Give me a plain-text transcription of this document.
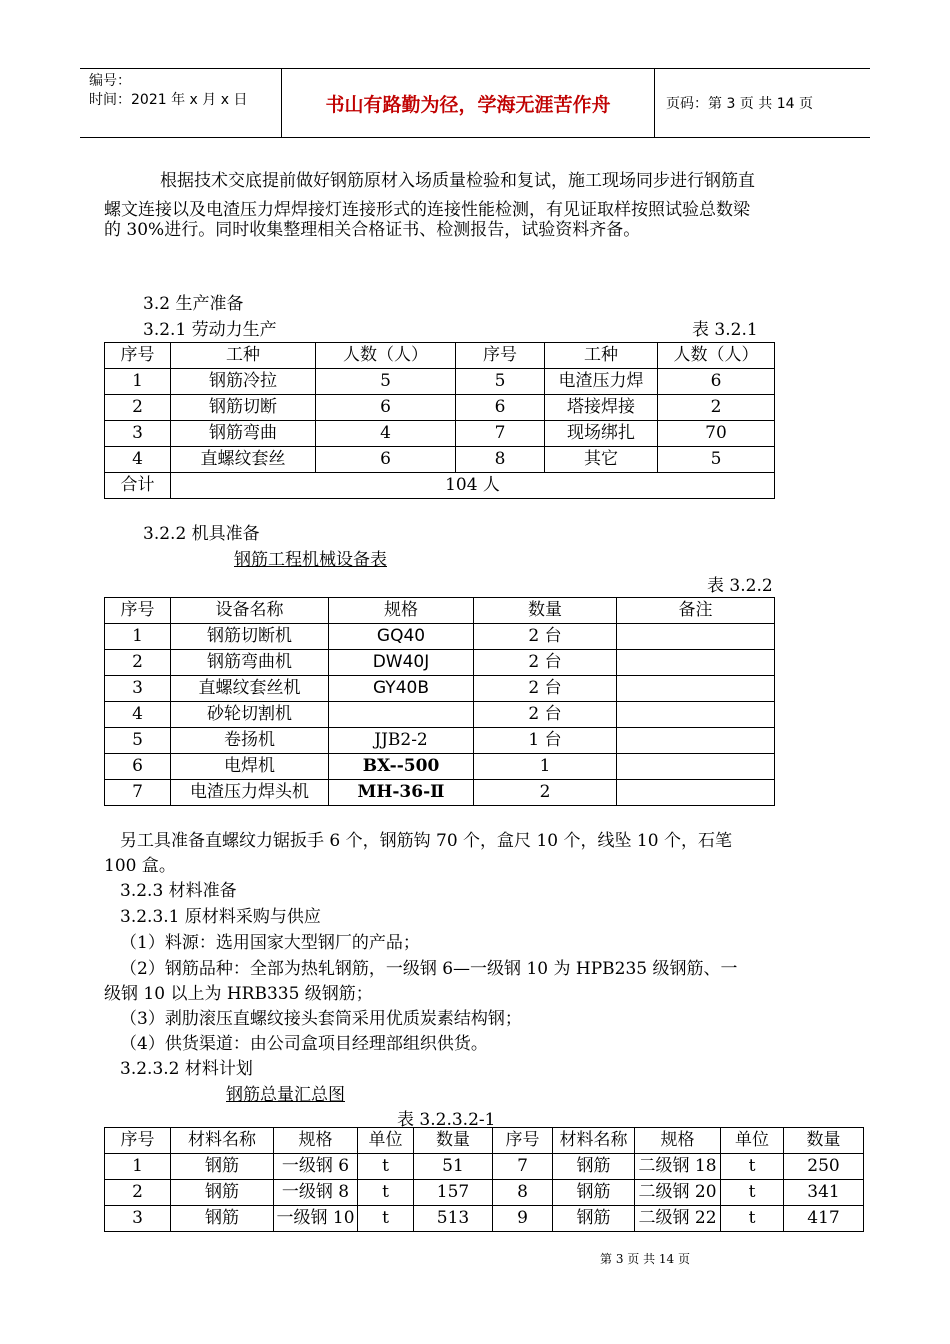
编号：
时间：2021 年 x 月 x 日	书山有路勤为径，学海无涯苦作舟	页码：第 3 页 共 14 页

根据技术交底提前做好钢筋原材入场质量检验和复试，施工现场同步进行钢筋直

螺文连接以及电渣压力焊焊接灯连接形式的连接性能检测，有见证取样按照试验总数梁

的 30%进行。同时收集整理相关合格证书、检测报告，试验资料齐备。

3.2 生产准备

3.2.1 劳动力生产	表 3.2.1

序号	工种	人数（人）	序号	工种	人数（人）
1	钢筋冷拉	5	5	电渣压力焊	6
2	钢筋切断	6	6	塔接焊接	2
3	钢筋弯曲	4	7	现场绑扎	70
4	直螺纹套丝	6	8	其它	5
合计	104 人				

3.2.2 机具准备

钢筋工程机械设备表

表 3.2.2

序号	设备名称	规格	数量	备注
1	钢筋切断机	GQ40	2 台	
2	钢筋弯曲机	DW40J	2 台	
3	直螺纹套丝机	GY40B	2 台	
4	砂轮切割机		2 台	
5	卷扬机	JJB2-2	1 台	
6	电焊机	BX--500	1	
7	电渣压力焊头机	MH-36-Ⅱ	2	

另工具准备直螺纹力锯扳手 6 个，钢筋钩 70 个，盒尺 10 个，线坠 10 个，石笔

100 盒。

3.2.3 材料准备

3.2.3.1 原材料采购与供应

（1）料源：选用国家大型钢厂的产品；

（2）钢筋品种：全部为热轧钢筋，一级钢 6—一级钢 10 为 HPB235 级钢筋、一

级钢 10 以上为 HRB335 级钢筋；

（3）剥肋滚压直螺纹接头套筒采用优质炭素结构钢；

（4）供货渠道：由公司盒项目经理部组织供货。

3.2.3.2 材料计划

钢筋总量汇总图

表 3.2.3.2-1

序号	材料名称	规格	单位	数量	序号	材料名称	规格	单位	数量
1	钢筋	一级钢 6	t	51	7	钢筋	二级钢 18	t	250
2	钢筋	一级钢 8	t	157	8	钢筋	二级钢 20	t	341
3	钢筋	一级钢 10	t	513	9	钢筋	二级钢 22	t	417
第 3 页 共 14 页
